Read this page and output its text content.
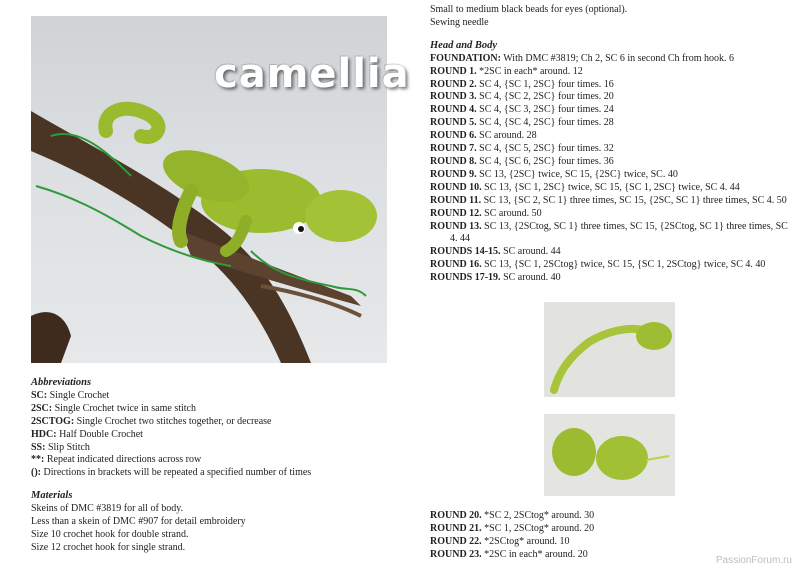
camellia
Small to medium black beads for eyes (optional).
Sewing needle

Head and Body

FOUNDATION: With DMC #3819; Ch 2, SC 6 in second Ch from hook. 6
ROUND 1. *2SC in each* around. 12
ROUND 2. SC 4, {SC 1, 2SC} four times. 16
ROUND 3. SC 4, {SC 2, 2SC} four times. 20
ROUND 4. SC 4, {SC 3, 2SC} four times. 24
ROUND 5. SC 4, {SC 4, 2SC} four times. 28
ROUND 6. SC around. 28
ROUND 7. SC 4, {SC 5, 2SC} four times. 32
ROUND 8. SC 4, {SC 6, 2SC} four times. 36
ROUND 9. SC 13, {2SC} twice, SC 15, {2SC} twice, SC. 40
ROUND 10. SC 13, {SC 1, 2SC} twice, SC 15, {SC 1, 2SC} twice, SC 4. 44
ROUND 11. SC 13, {SC 2, SC 1} three times, SC 15, {2SC, SC 1} three times, SC 4. 50
ROUND 12. SC around. 50
ROUND 13. SC 13, {2SCtog, SC 1} three times, SC 15, {2SCtog, SC 1} three times, SC 4. 44
ROUNDS 14-15. SC around. 44
ROUND 16. SC 13, {SC 1, 2SCtog} twice, SC 15, {SC 1, 2SCtog} twice, SC 4. 40
ROUNDS 17-19. SC around. 40
ROUND 20. *SC 2, 2SCtog* around. 30
ROUND 21. *SC 1, 2SCtog* around. 20
ROUND 22. *2SCtog* around. 10
ROUND 23. *2SC in each* around. 20

Abbreviations

SC: Single Crochet
2SC: Single Crochet twice in same stitch
2SCTOG: Single Crochet two stitches together, or decrease
HDC: Half Double Crochet
SS: Slip Stitch
**: Repeat indicated directions across row
(): Directions in brackets will be repeated a specified number of times

Materials

Skeins of DMC #3819 for all of body.
Less than a skein of DMC #907 for detail embroidery
Size 10 crochet hook for double strand.
Size 12 crochet hook for single strand.
PassionForum.ru
